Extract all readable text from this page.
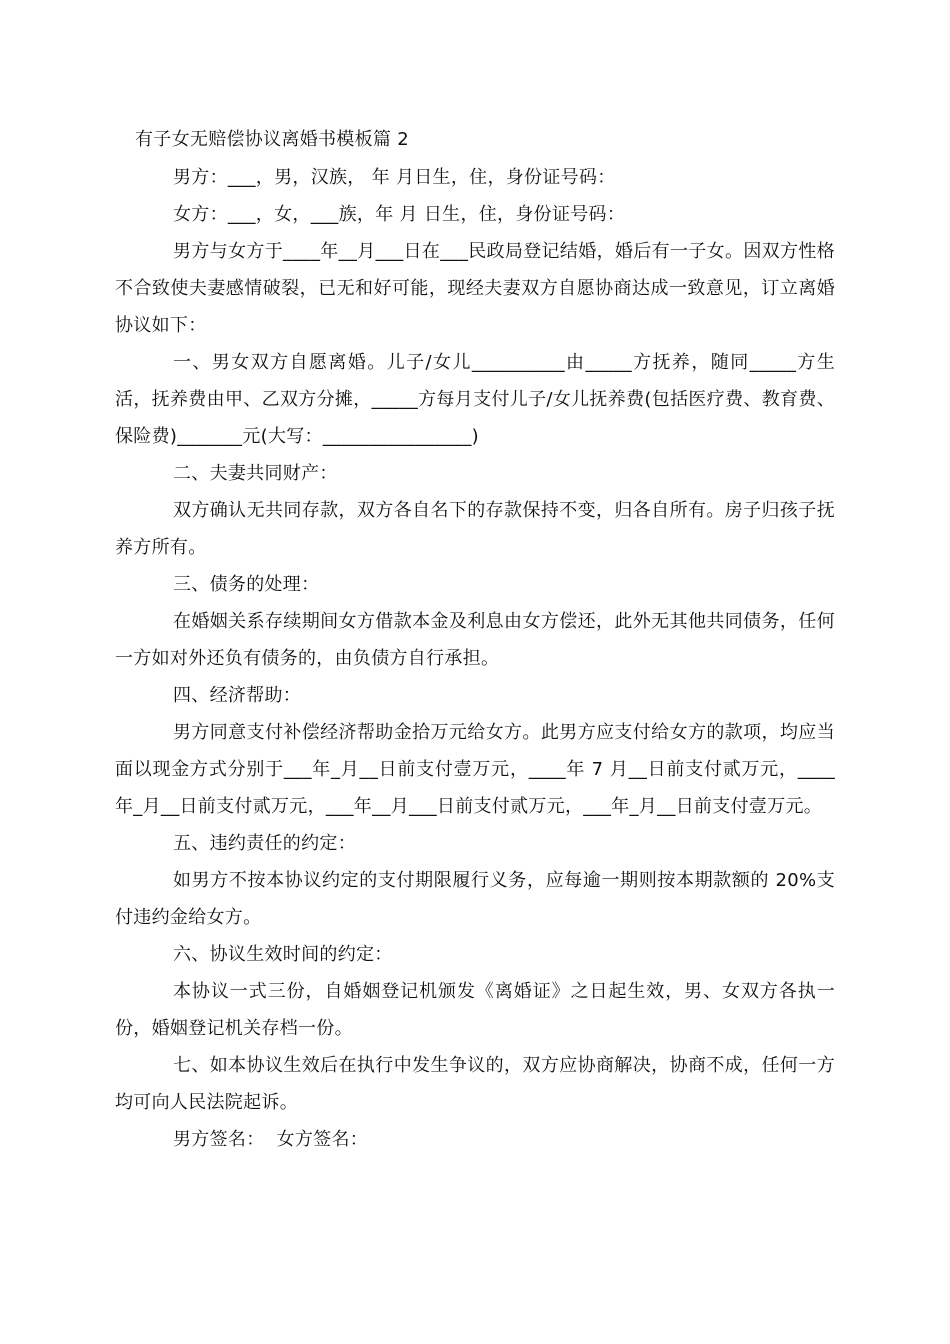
有子女无赔偿协议离婚书模板篇 2

男方：___，男，汉族， 年 月日生，住，身份证号码：

女方：___，女，___族，年 月 日生，住，身份证号码：

男方与女方于____年__月___日在___民政局登记结婚，婚后有一子女。因双方性格不合致使夫妻感情破裂，已无和好可能，现经夫妻双方自愿协商达成一致意见，订立离婚协议如下：

一、男女双方自愿离婚。儿子/女儿__________由_____方抚养，随同_____方生活，抚养费由甲、乙双方分摊，_____方每月支付儿子/女儿抚养费(包括医疗费、教育费、保险费)_______元(大写：________________)

二、夫妻共同财产：

双方确认无共同存款，双方各自名下的存款保持不变，归各自所有。房子归孩子抚养方所有。

三、债务的处理：

在婚姻关系存续期间女方借款本金及利息由女方偿还，此外无其他共同债务，任何一方如对外还负有债务的，由负债方自行承担。

四、经济帮助：

男方同意支付补偿经济帮助金拾万元给女方。此男方应支付给女方的款项，均应当面以现金方式分别于___年_月__日前支付壹万元，____年 7 月__日前支付贰万元，____年_月__日前支付贰万元，___年__月___日前支付贰万元，___年_月__日前支付壹万元。

五、违约责任的约定：

如男方不按本协议约定的支付期限履行义务，应每逾一期则按本期款额的 20%支付违约金给女方。

六、协议生效时间的约定：

本协议一式三份，自婚姻登记机颁发《离婚证》之日起生效，男、女双方各执一份，婚姻登记机关存档一份。

七、如本协议生效后在执行中发生争议的，双方应协商解决，协商不成，任何一方均可向人民法院起诉。

男方签名：  女方签名：
